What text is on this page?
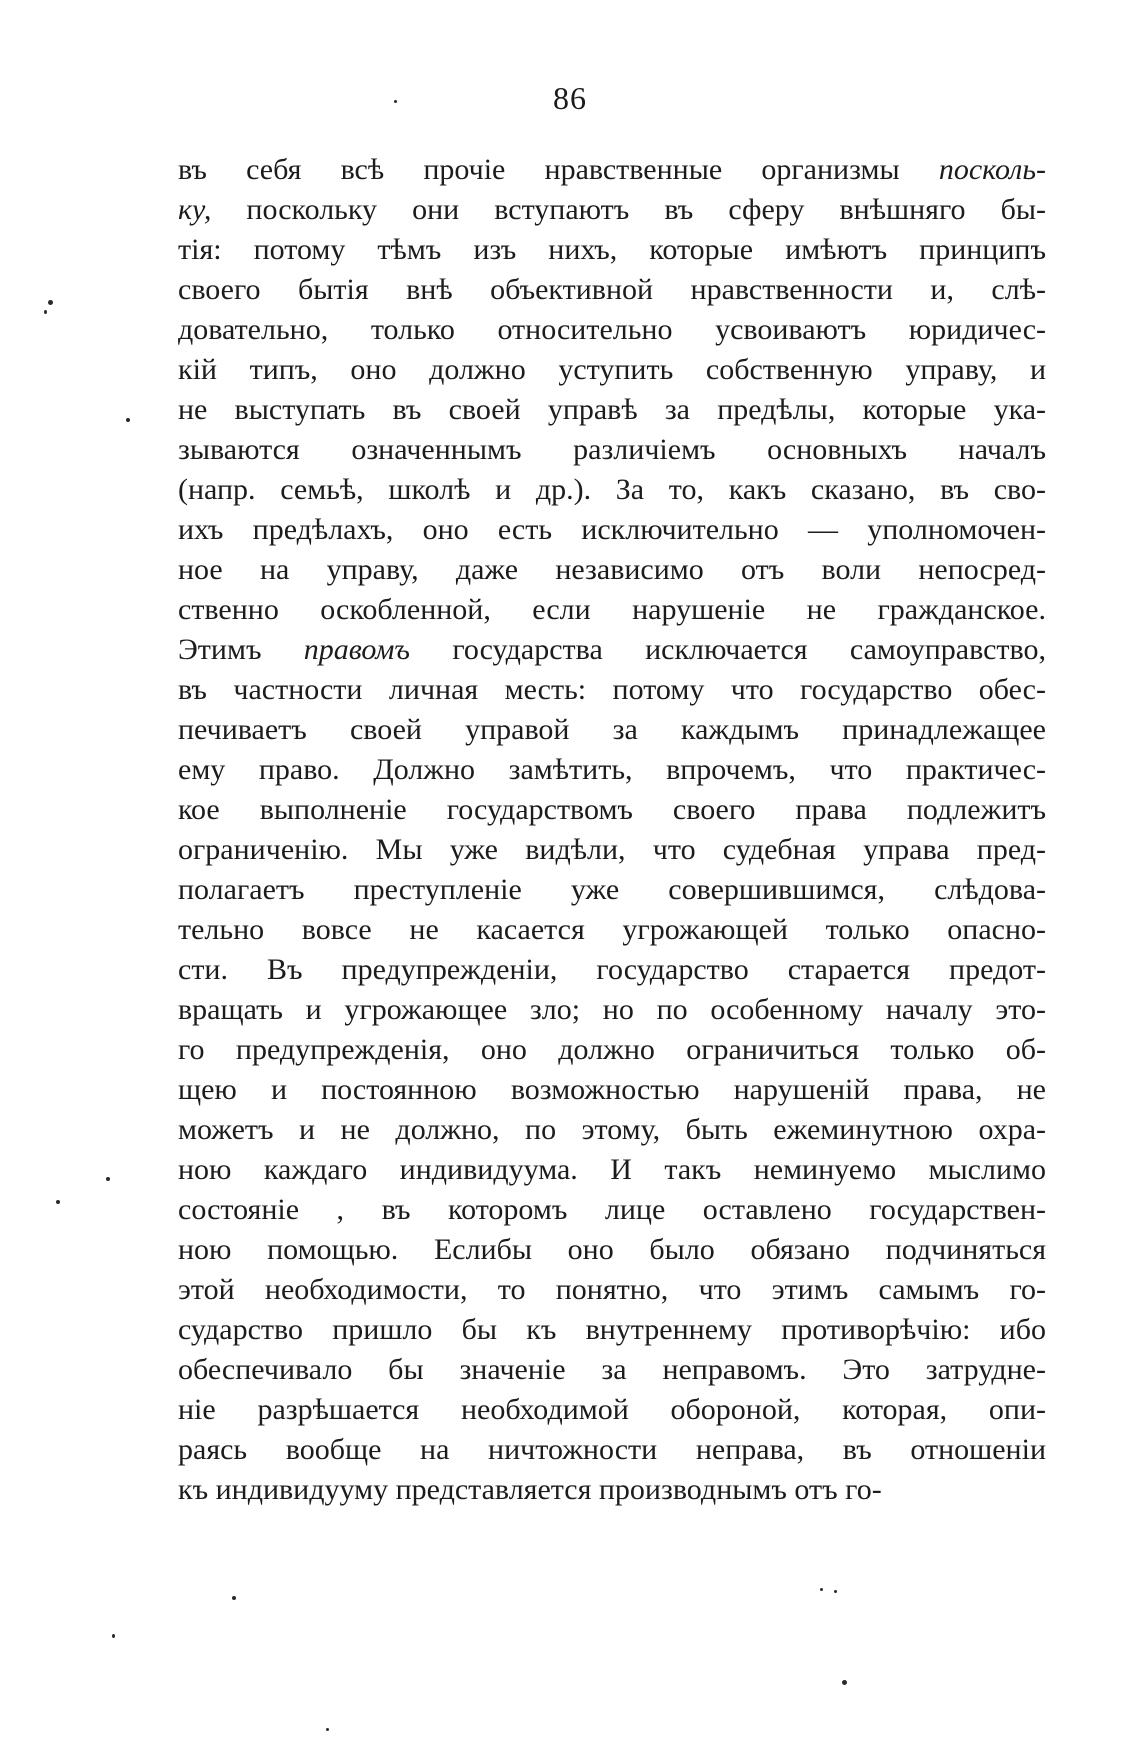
86
въ себя всѣ прочіе нравственные организмы посколь-
ку, поскольку они вступаютъ въ сферу внѣшняго бы-
тія: потому тѣмъ изъ нихъ, которые имѣютъ принципъ
своего бытія внѣ объективной нравственности и, слѣ-
довательно, только относительно усвоиваютъ юридичес-
кій типъ, оно должно уступить собственную управу, и
не выступать въ своей управѣ за предѣлы, которые ука-
зываются означеннымъ различіемъ основныхъ началъ
(напр. семьѣ, школѣ и др.). За то, какъ сказано, въ сво-
ихъ предѣлахъ, оно есть исключительно — уполномочен-
ное на управу, даже независимо отъ воли непосред-
ственно оскобленной, если нарушеніе не гражданское.
Этимъ правомъ государства исключается самоуправство,
въ частности личная месть: потому что государство обес-
печиваетъ своей управой за каждымъ принадлежащее
ему право. Должно замѣтить, впрочемъ, что практичес-
кое выполненіе государствомъ своего права подлежитъ
ограниченію. Мы уже видѣли, что судебная управа пред-
полагаетъ преступленіе уже совершившимся, слѣдова-
тельно вовсе не касается угрожающей только опасно-
сти. Въ предупрежденіи, государство старается предот-
вращать и угрожающее зло; но по особенному началу это-
го предупрежденія, оно должно ограничиться только об-
щею и постоянною возможностью нарушеній права, не
можетъ и не должно, по этому, быть ежеминутною охра-
ною каждаго индивидуума. И такъ неминуемо мыслимо
состояніе , въ которомъ лице оставлено государствен-
ною помощью. Еслибы оно было обязано подчиняться
этой необходимости, то понятно, что этимъ самымъ го-
сударство пришло бы къ внутреннему противорѣчію: ибо
обеспечивало бы значеніе за неправомъ. Это затрудне-
ніе разрѣшается необходимой обороной, которая, опи-
раясь вообще на ничтожности неправа, въ отношеніи
къ индивидууму представляется производнымъ отъ го-
